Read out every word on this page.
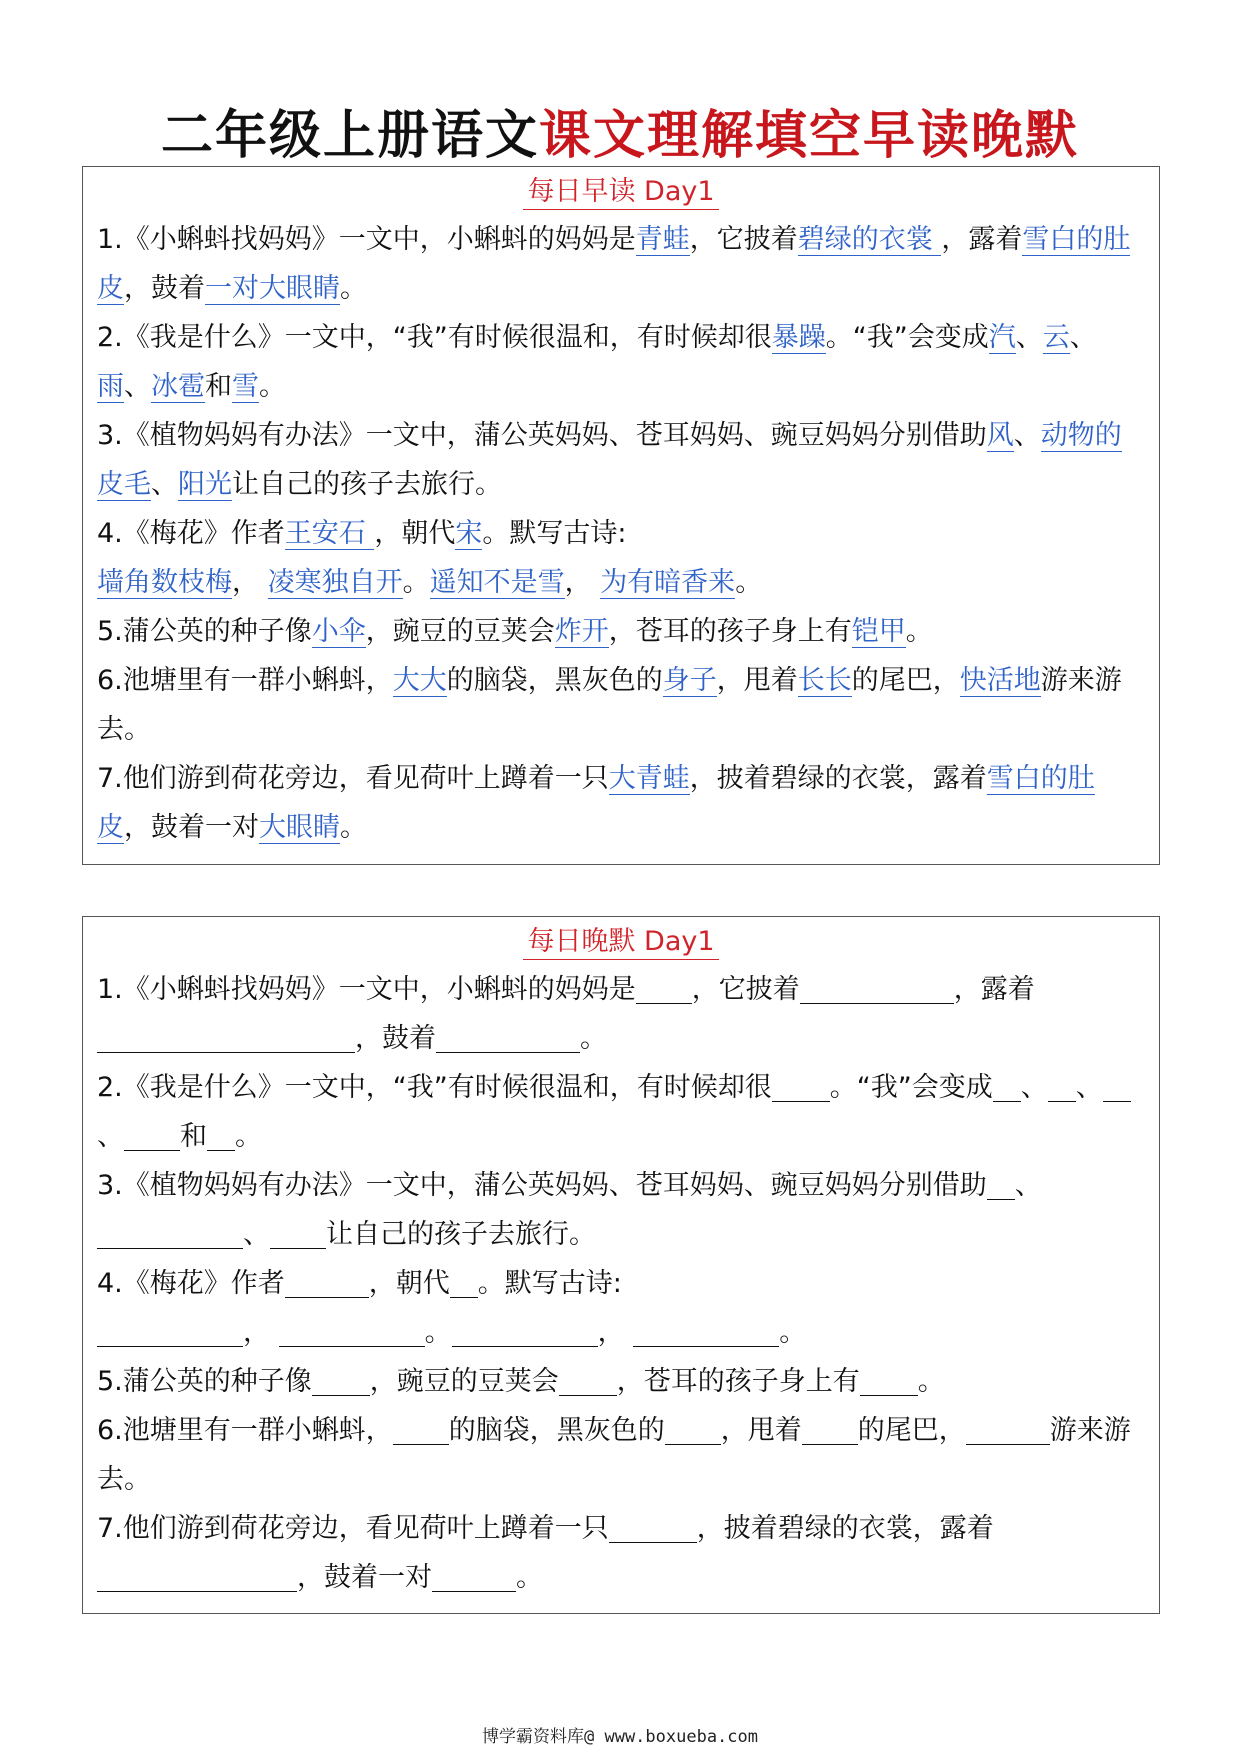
二年级上册语文课文理解填空早读晚默
每日早读 Day1

1.《小蝌蚪找妈妈》一文中，小蝌蚪的妈妈是青蛙，它披着碧绿的衣裳 ，露着雪白的肚皮，鼓着一对大眼睛。

2.《我是什么》一文中，“我”有时候很温和，有时候却很暴躁。“我”会变成汽、云、雨、冰雹和雪。

3.《植物妈妈有办法》一文中，蒲公英妈妈、苍耳妈妈、豌豆妈妈分别借助风、动物的皮毛、阳光让自己的孩子去旅行。

4.《梅花》作者王安石 ，朝代宋。默写古诗:

墙角数枝梅， 凌寒独自开。遥知不是雪， 为有暗香来。

5.蒲公英的种子像小伞，豌豆的豆荚会炸开，苍耳的孩子身上有铠甲。

6.池塘里有一群小蝌蚪，大大的脑袋，黑灰色的身子，甩着长长的尾巴，快活地游来游去。

7.他们游到荷花旁边，看见荷叶上蹲着一只大青蛙，披着碧绿的衣裳，露着雪白的肚皮，鼓着一对大眼睛。

每日晚默 Day1

1.《小蝌蚪找妈妈》一文中，小蝌蚪的妈妈是 ，它披着	，露着，鼓着	。

2.《我是什么》一文中，“我”有时候很温和，有时候却很 。“我”会变成 、 、、 和 。

3.《植物妈妈有办法》一文中，蒲公英妈妈、苍耳妈妈、豌豆妈妈分别借助 、、 让自己的孩子去旅行。

4.《梅花》作者	，朝代 。默写古诗:

，	。	，	。

5.蒲公英的种子像 ，豌豆的豆荚会 ，苍耳的孩子身上有 。

6.池塘里有一群小蝌蚪， 的脑袋，黑灰色的 ，甩着 的尾巴，	游来游去。

7.他们游到荷花旁边，看见荷叶上蹲着一只	，披着碧绿的衣裳，露着，鼓着一对	。

博学霸资料库@ www.boxueba.com
